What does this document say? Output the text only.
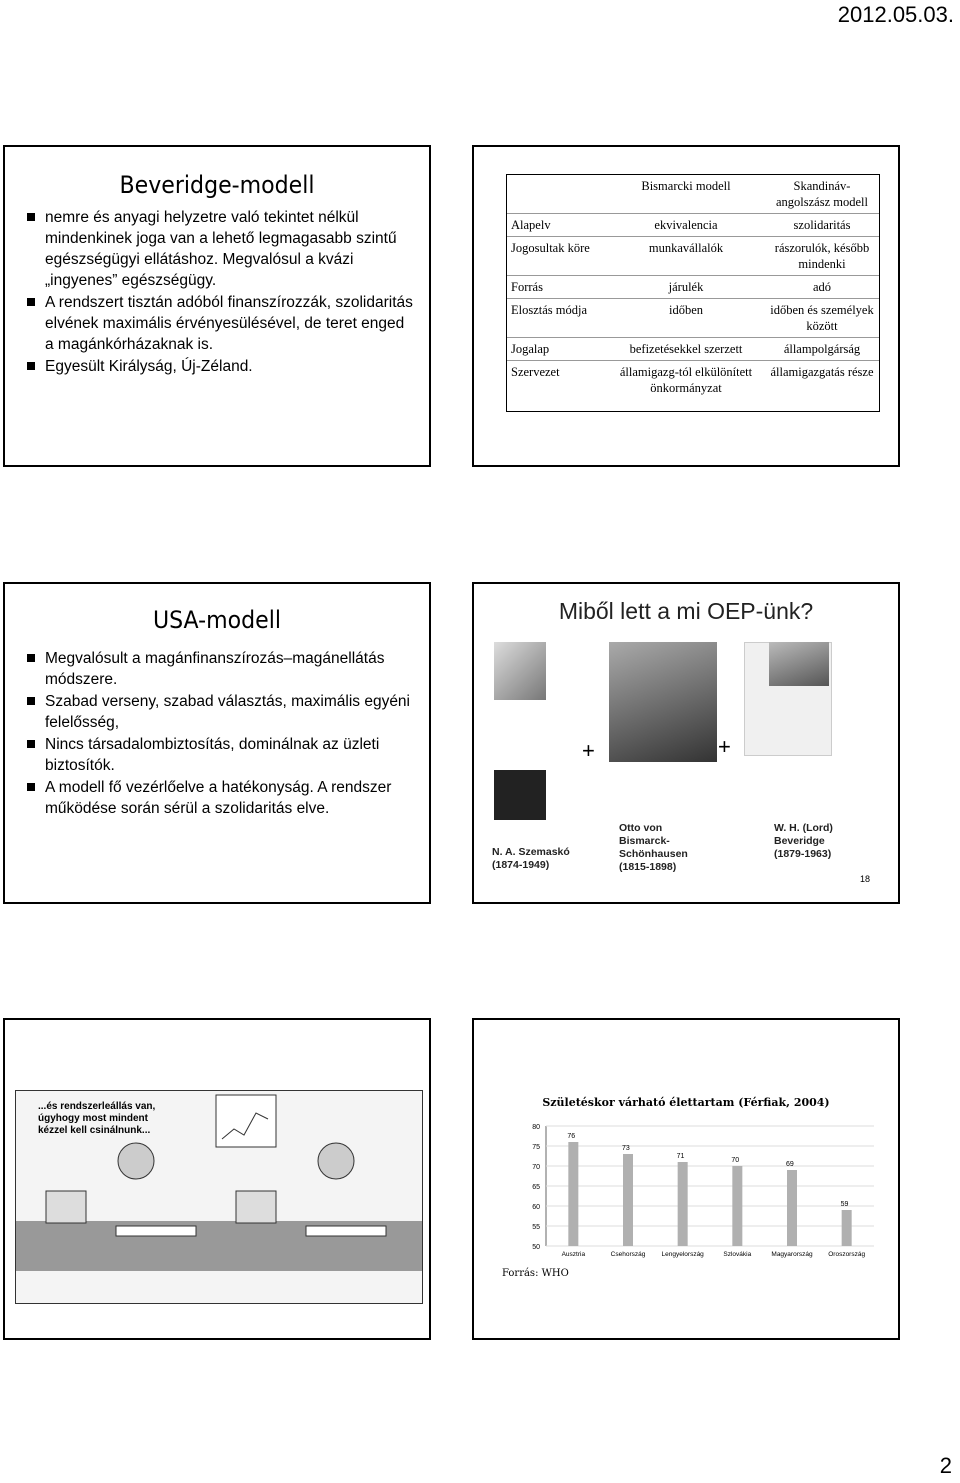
2012.05.03.
Beveridge-modell
nemre és anyagi helyzetre való tekintet nélkül mindenkinek joga van a lehető legmagasabb szintű egészségügyi ellátáshoz. Megvalósul a kvázi „ingyenes” egészségügy.
A rendszert tisztán adóból finanszírozzák, szolidaritás elvének maximális érvényesülésével, de teret enged a magánkórházaknak is.
Egyesült Királyság, Új-Zéland.
	Bismarcki modell	Skandináv-angolszász modell
Alapelv	ekvivalencia	szolidaritás
Jogosultak köre	munkavállalók	rászorulók, később mindenki
Forrás	járulék	adó
Elosztás módja	időben	időben és személyek között
Jogalap	befizetésekkel szerzett	állampolgárság
Szervezet	államigazg-tól elkülönített önkormányzat	államigazgatás része
USA-modell
Megvalósult a magánfinanszírozás–magánellátás módszere.
Szabad verseny, szabad választás, maximális egyéni felelősség,
Nincs társadalombiztosítás, dominálnak az üzleti biztosítók.
A modell fő vezérlőelve a hatékonyság. A rendszer működése során sérül a szolidaritás elve.
Miből lett a mi OEP-ünk?
+	+
N. A. Szemaskó
(1874-1949)
Otto von Bismarck-Schönhausen
(1815-1898)
W. H. (Lord) Beveridge
(1879-1963)
18
...és rendszerleállás van, úgyhogy most mindent kézzel kell csinálnunk...
Születéskor várható élettartam (Férfiak, 2004)
50
55
60
65
70
75
80
76
Ausztria
73
Csehország
71
Lengyelország
70
Szlovákia
69
Magyarország
59
Oroszország
Forrás: WHO
2
